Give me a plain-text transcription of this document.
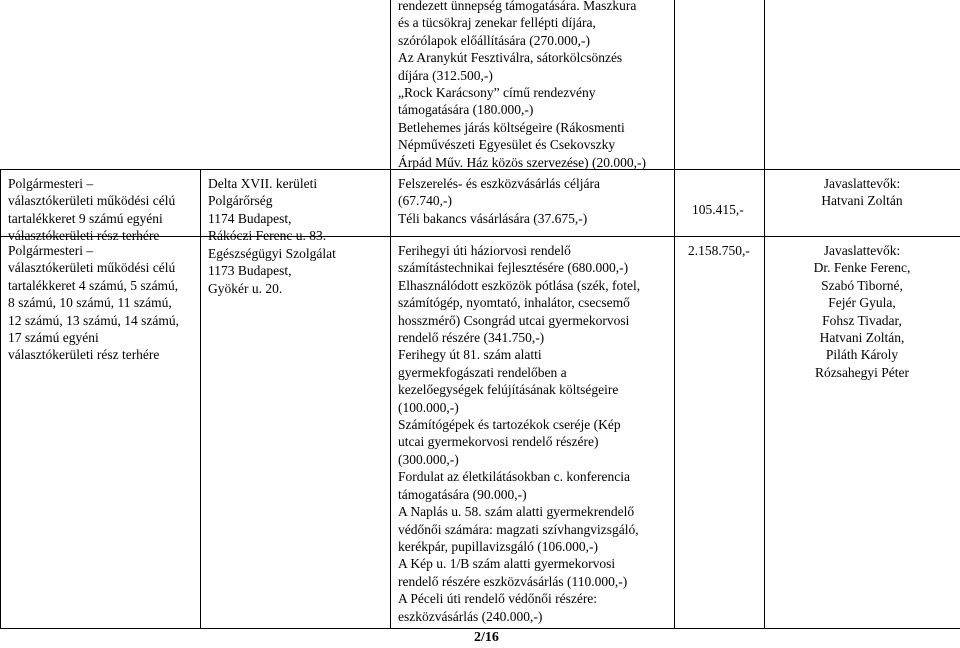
rendezett ünnepség támogatására. Maszkura
és a tücsökraj zenekar fellépti díjára,
szórólapok előállítására (270.000,-)
Az Aranykút Fesztiválra, sátorkölcsönzés
díjára (312.500,-)
„Rock Karácsony” című rendezvény
támogatására (180.000,-)
Betlehemes járás költségeire (Rákosmenti
Népművészeti Egyesület és Csekovszky
Árpád Műv. Ház közös szervezése) (20.000,-)
Polgármesteri –
választókerületi működési célú
tartalékkeret 9 számú egyéni
választókerületi rész terhére
Delta XVII. kerületi
Polgárőrség
1174 Budapest,
Rákóczi Ferenc u. 83.
Felszerelés- és eszközvásárlás céljára
(67.740,-)
Téli bakancs vásárlására (37.675,-)
105.415,-
Javaslattevők:
Hatvani Zoltán
Polgármesteri –
választókerületi működési célú
tartalékkeret 4 számú, 5 számú,
8 számú, 10 számú, 11 számú,
12 számú, 13 számú, 14 számú,
17 számú egyéni
választókerületi rész terhére
Egészségügyi Szolgálat
1173 Budapest,
Gyökér u. 20.
Ferihegyi úti háziorvosi rendelő
számítástechnikai fejlesztésére (680.000,-)
Elhasználódott eszközök pótlása (szék, fotel,
számítógép, nyomtató, inhalátor, csecsemő
hosszmérő) Csongrád utcai gyermekorvosi
rendelő részére (341.750,-)
Ferihegy út 81. szám alatti
gyermekfogászati rendelőben a
kezelőegységek felújításának költségeire
(100.000,-)
Számítógépek és tartozékok cseréje (Kép
utcai gyermekorvosi rendelő részére)
(300.000,-)
Fordulat az életkilátásokban c. konferencia
támogatására (90.000,-)
A Naplás u. 58. szám alatti gyermekrendelő
védőnői számára: magzati szívhangvizsgáló,
kerékpár, pupillavizsgáló (106.000,-)
A Kép u. 1/B szám alatti gyermekorvosi
rendelő részére eszközvásárlás (110.000,-)
A Péceli úti rendelő védőnői részére:
eszközvásárlás (240.000,-)
2.158.750,-	Javaslattevők:
Dr. Fenke Ferenc,
Szabó Tiborné,
Fejér Gyula,
Fohsz Tivadar,
Hatvani Zoltán,
Piláth Károly
Rózsahegyi Péter
2/16
